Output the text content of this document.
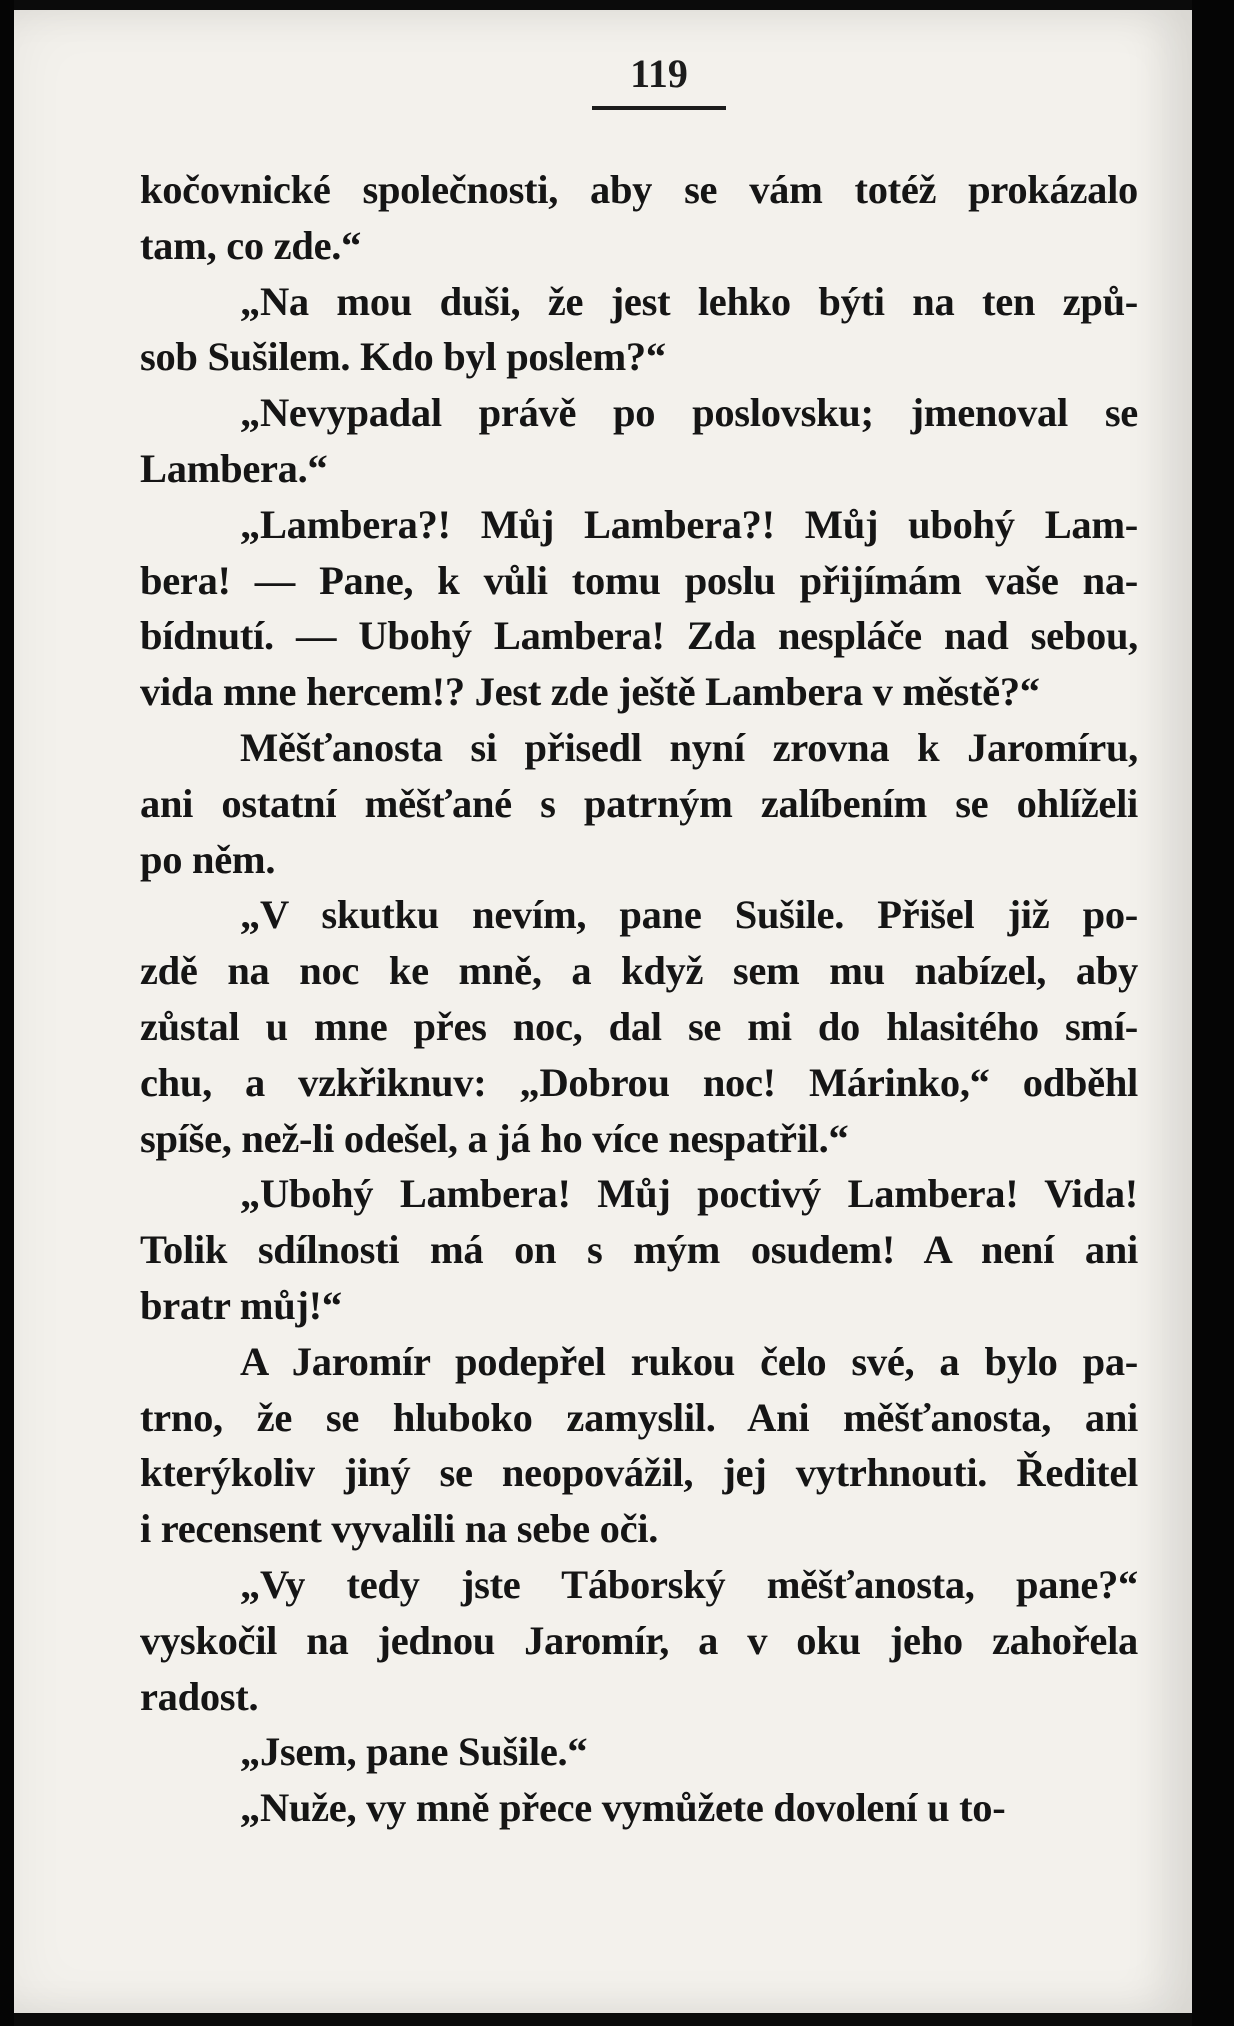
119
kočovnické společnosti, aby se vám totéž prokázalo
tam, co zde.“
„Na mou duši, že jest lehko býti na ten způ-
sob Sušilem. Kdo byl poslem?“
„Nevypadal právě po poslovsku; jmenoval se
Lambera.“
„Lambera?! Můj Lambera?! Můj ubohý Lam-
bera! — Pane, k vůli tomu poslu přijímám vaše na-
bídnutí. — Ubohý Lambera! Zda nespláče nad sebou,
vida mne hercem!? Jest zde ještě Lambera v městě?“
Měšťanosta si přisedl nyní zrovna k Jaromíru,
ani ostatní měšťané s patrným zalíbením se ohlíželi
po něm.
„V skutku nevím, pane Sušile. Přišel již po-
zdě na noc ke mně, a když sem mu nabízel, aby
zůstal u mne přes noc, dal se mi do hlasitého smí-
chu, a vzkřiknuv: „Dobrou noc! Márinko,“ odběhl
spíše, než-li odešel, a já ho více nespatřil.“
„Ubohý Lambera! Můj poctivý Lambera! Vida!
Tolik sdílnosti má on s mým osudem! A není ani
bratr můj!“
A Jaromír podepřel rukou čelo své, a bylo pa-
trno, že se hluboko zamyslil. Ani měšťanosta, ani
kterýkoliv jiný se neopovážil, jej vytrhnouti. Ředitel
i recensent vyvalili na sebe oči.
„Vy tedy jste Táborský měšťanosta, pane?“
vyskočil na jednou Jaromír, a v oku jeho zahořela
radost.
„Jsem, pane Sušile.“
„Nuže, vy mně přece vymůžete dovolení u to-
